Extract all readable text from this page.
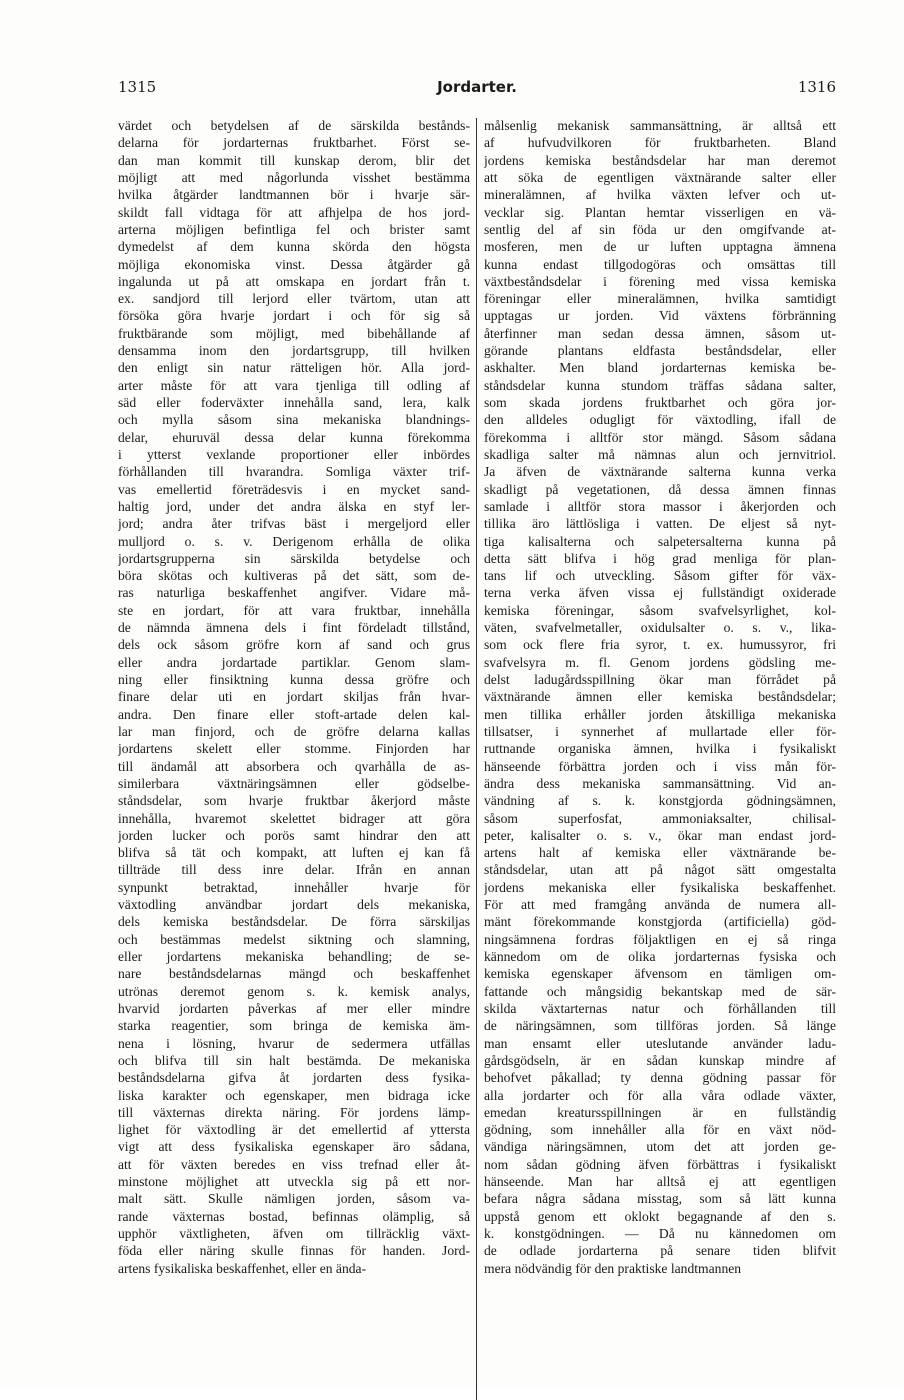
1315	Jordarter.	1316
värdet och betydelsen af de särskilda bestånds-
delarna för jordarternas fruktbarhet. Först se-
dan man kommit till kunskap derom, blir det
möjligt att med någorlunda visshet bestämma
hvilka åtgärder landtmannen bör i hvarje sär-
skildt fall vidtaga för att afhjelpa de hos jord-
arterna möjligen befintliga fel och brister samt
dymedelst af dem kunna skörda den högsta
möjliga ekonomiska vinst. Dessa åtgärder gå
ingalunda ut på att omskapa en jordart från t.
ex. sandjord till lerjord eller tvärtom, utan att
försöka göra hvarje jordart i och för sig så
fruktbärande som möjligt, med bibehållande af
densamma inom den jordartsgrupp, till hvilken
den enligt sin natur rätteligen hör. Alla jord-
arter måste för att vara tjenliga till odling af
säd eller foderväxter innehålla sand, lera, kalk
och mylla såsom sina mekaniska blandnings-
delar, ehuruväl dessa delar kunna förekomma
i ytterst vexlande proportioner eller inbördes
förhållanden till hvarandra. Somliga växter trif-
vas emellertid företrädesvis i en mycket sand-
haltig jord, under det andra älska en styf ler-
jord; andra åter trifvas bäst i mergeljord eller
mulljord o. s. v. Derigenom erhålla de olika
jordartsgrupperna sin särskilda betydelse och
böra skötas och kultiveras på det sätt, som de-
ras naturliga beskaffenhet angifver. Vidare må-
ste en jordart, för att vara fruktbar, innehålla
de nämnda ämnena dels i fint fördeladt tillstånd,
dels ock såsom gröfre korn af sand och grus
eller andra jordartade partiklar. Genom slam-
ning eller finsiktning kunna dessa gröfre och
finare delar uti en jordart skiljas från hvar-
andra. Den finare eller stoft-artade delen kal-
lar man finjord, och de gröfre delarna kallas
jordartens skelett eller stomme. Finjorden har
till ändamål att absorbera och qvarhålla de as-
similerbara växtnäringsämnen eller gödselbe-
ståndsdelar, som hvarje fruktbar åkerjord måste
innehålla, hvaremot skelettet bidrager att göra
jorden lucker och porös samt hindrar den att
blifva så tät och kompakt, att luften ej kan få
tillträde till dess inre delar. Ifrån en annan
synpunkt betraktad, innehåller hvarje för
växtodling användbar jordart dels mekaniska,
dels kemiska beståndsdelar. De förra särskiljas
och bestämmas medelst siktning och slamning,
eller jordartens mekaniska behandling; de se-
nare beståndsdelarnas mängd och beskaffenhet
utrönas deremot genom s. k. kemisk analys,
hvarvid jordarten påverkas af mer eller mindre
starka reagentier, som bringa de kemiska äm-
nena i lösning, hvarur de sedermera utfällas
och blifva till sin halt bestämda. De mekaniska
beståndsdelarna gifva åt jordarten dess fysika-
liska karakter och egenskaper, men bidraga icke
till växternas direkta näring. För jordens lämp-
lighet för växtodling är det emellertid af yttersta
vigt att dess fysikaliska egenskaper äro sådana,
att för växten beredes en viss trefnad eller åt-
minstone möjlighet att utveckla sig på ett nor-
malt sätt. Skulle nämligen jorden, såsom va-
rande växternas bostad, befinnas olämplig, så
upphör växtligheten, äfven om tillräcklig växt-
föda eller näring skulle finnas för handen. Jord-
artens fysikaliska beskaffenhet, eller en ända-
målsenlig mekanisk sammansättning, är alltså ett
af hufvudvilkoren för fruktbarheten. Bland
jordens kemiska beståndsdelar har man deremot
att söka de egentligen växtnärande salter eller
mineralämnen, af hvilka växten lefver och ut-
vecklar sig. Plantan hemtar visserligen en vä-
sentlig del af sin föda ur den omgifvande at-
mosferen, men de ur luften upptagna ämnena
kunna endast tillgodogöras och omsättas till
växtbeståndsdelar i förening med vissa kemiska
föreningar eller mineralämnen, hvilka samtidigt
upptagas ur jorden. Vid växtens förbränning
återfinner man sedan dessa ämnen, såsom ut-
görande plantans eldfasta beståndsdelar, eller
askhalter. Men bland jordarternas kemiska be-
ståndsdelar kunna stundom träffas sådana salter,
som skada jordens fruktbarhet och göra jor-
den alldeles odugligt för växtodling, ifall de
förekomma i alltför stor mängd. Såsom sådana
skadliga salter må nämnas alun och jernvitriol.
Ja äfven de växtnärande salterna kunna verka
skadligt på vegetationen, då dessa ämnen finnas
samlade i alltför stora massor i åkerjorden och
tillika äro lättlösliga i vatten. De eljest så nyt-
tiga kalisalterna och salpetersalterna kunna på
detta sätt blifva i hög grad menliga för plan-
tans lif och utveckling. Såsom gifter för väx-
terna verka äfven vissa ej fullständigt oxiderade
kemiska föreningar, såsom svafvelsyrlighet, kol-
väten, svafvelmetaller, oxidulsalter o. s. v., lika-
som ock flere fria syror, t. ex. humussyror, fri
svafvelsyra m. fl. Genom jordens gödsling me-
delst ladugårdsspillning ökar man förrådet på
växtnärande ämnen eller kemiska beståndsdelar;
men tillika erhåller jorden åtskilliga mekaniska
tillsatser, i synnerhet af mullartade eller för-
ruttnande organiska ämnen, hvilka i fysikaliskt
hänseende förbättra jorden och i viss mån för-
ändra dess mekaniska sammansättning. Vid an-
vändning af s. k. konstgjorda gödningsämnen,
såsom superfosfat, ammoniaksalter, chilisal-
peter, kalisalter o. s. v., ökar man endast jord-
artens halt af kemiska eller växtnärande be-
ståndsdelar, utan att på något sätt omgestalta
jordens mekaniska eller fysikaliska beskaffenhet.
För att med framgång använda de numera all-
mänt förekommande konstgjorda (artificiella) göd-
ningsämnena fordras följaktligen en ej så ringa
kännedom om de olika jordarternas fysiska och
kemiska egenskaper äfvensom en tämligen om-
fattande och mångsidig bekantskap med de sär-
skilda växtarternas natur och förhållanden till
de näringsämnen, som tillföras jorden. Så länge
man ensamt eller uteslutande använder ladu-
gårdsgödseln, är en sådan kunskap mindre af
behofvet påkallad; ty denna gödning passar för
alla jordarter och för alla våra odlade växter,
emedan kreatursspillningen är en fullständig
gödning, som innehåller alla för en växt nöd-
vändiga näringsämnen, utom det att jorden ge-
nom sådan gödning äfven förbättras i fysikaliskt
hänseende. Man har alltså ej att egentligen
befara några sådana misstag, som så lätt kunna
uppstå genom ett oklokt begagnande af den s.
k. konstgödningen. — Då nu kännedomen om
de odlade jordarterna på senare tiden blifvit
mera nödvändig för den praktiske landtmannen
